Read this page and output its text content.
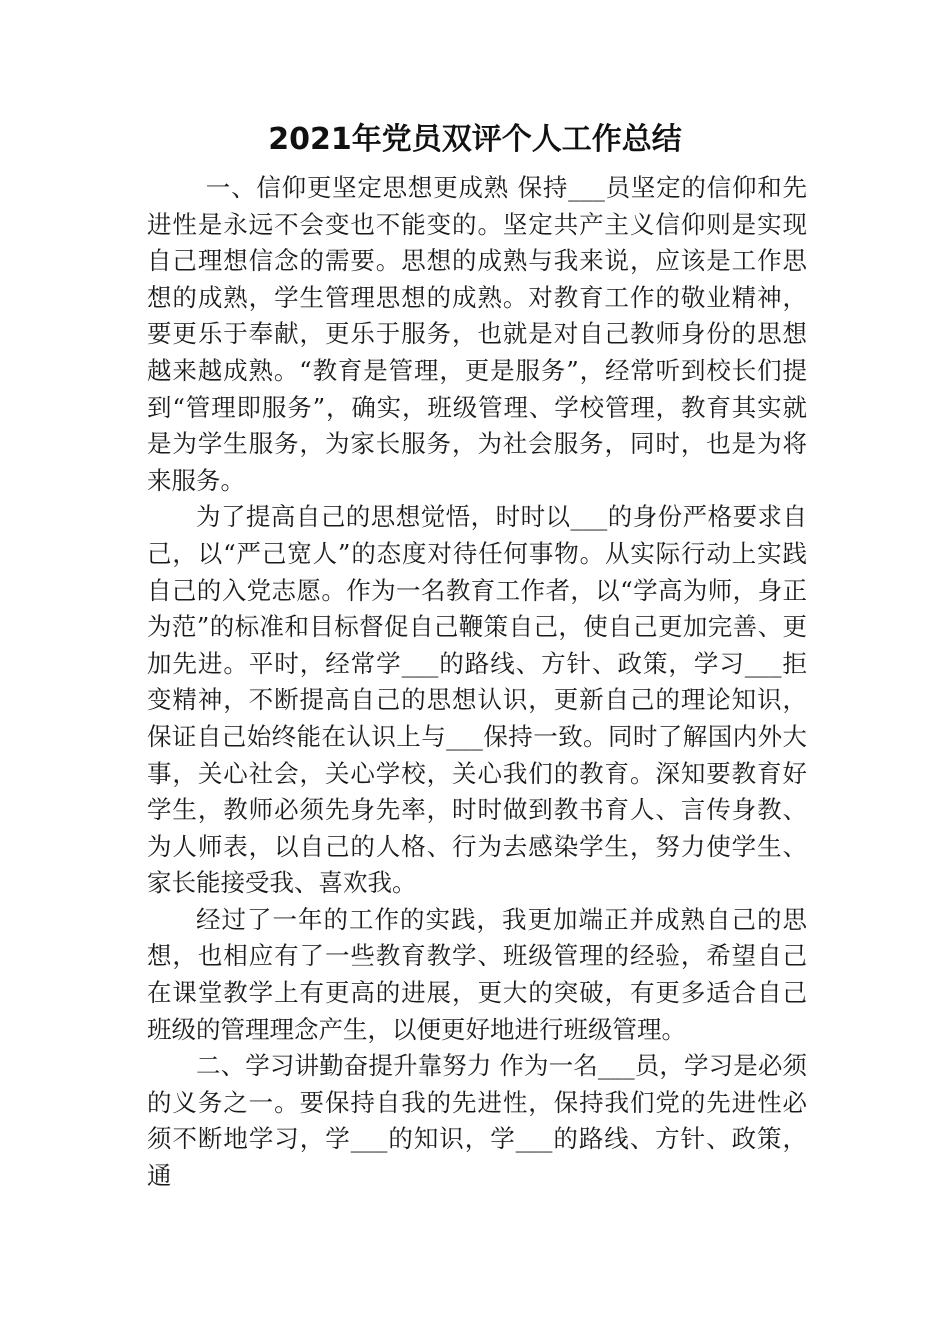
2021年党员双评个人工作总结

一、信仰更坚定思想更成熟 保持___员坚定的信仰和先进性是永远不会变也不能变的。坚定共产主义信仰则是实现自己理想信念的需要。思想的成熟与我来说，应该是工作思想的成熟，学生管理思想的成熟。对教育工作的敬业精神，要更乐于奉献，更乐于服务，也就是对自己教师身份的思想越来越成熟。“教育是管理，更是服务”，经常听到校长们提到“管理即服务”，确实，班级管理、学校管理，教育其实就是为学生服务，为家长服务，为社会服务，同时，也是为将来服务。

为了提高自己的思想觉悟，时时以___的身份严格要求自己，以“严己宽人”的态度对待任何事物。从实际行动上实践自己的入党志愿。作为一名教育工作者，以“学高为师，身正为范”的标准和目标督促自己鞭策自己，使自己更加完善、更加先进。平时，经常学___的路线、方针、政策，学习___拒变精神，不断提高自己的思想认识，更新自己的理论知识，保证自己始终能在认识上与___保持一致。同时了解国内外大事，关心社会，关心学校，关心我们的教育。深知要教育好学生，教师必须先身先率，时时做到教书育人、言传身教、为人师表，以自己的人格、行为去感染学生，努力使学生、家长能接受我、喜欢我。

经过了一年的工作的实践，我更加端正并成熟自己的思想，也相应有了一些教育教学、班级管理的经验，希望自己在课堂教学上有更高的进展，更大的突破，有更多适合自己班级的管理理念产生，以便更好地进行班级管理。

二、学习讲勤奋提升靠努力 作为一名___员，学习是必须的义务之一。要保持自我的先进性，保持我们党的先进性必须不断地学习，学___的知识，学___的路线、方针、政策，通
